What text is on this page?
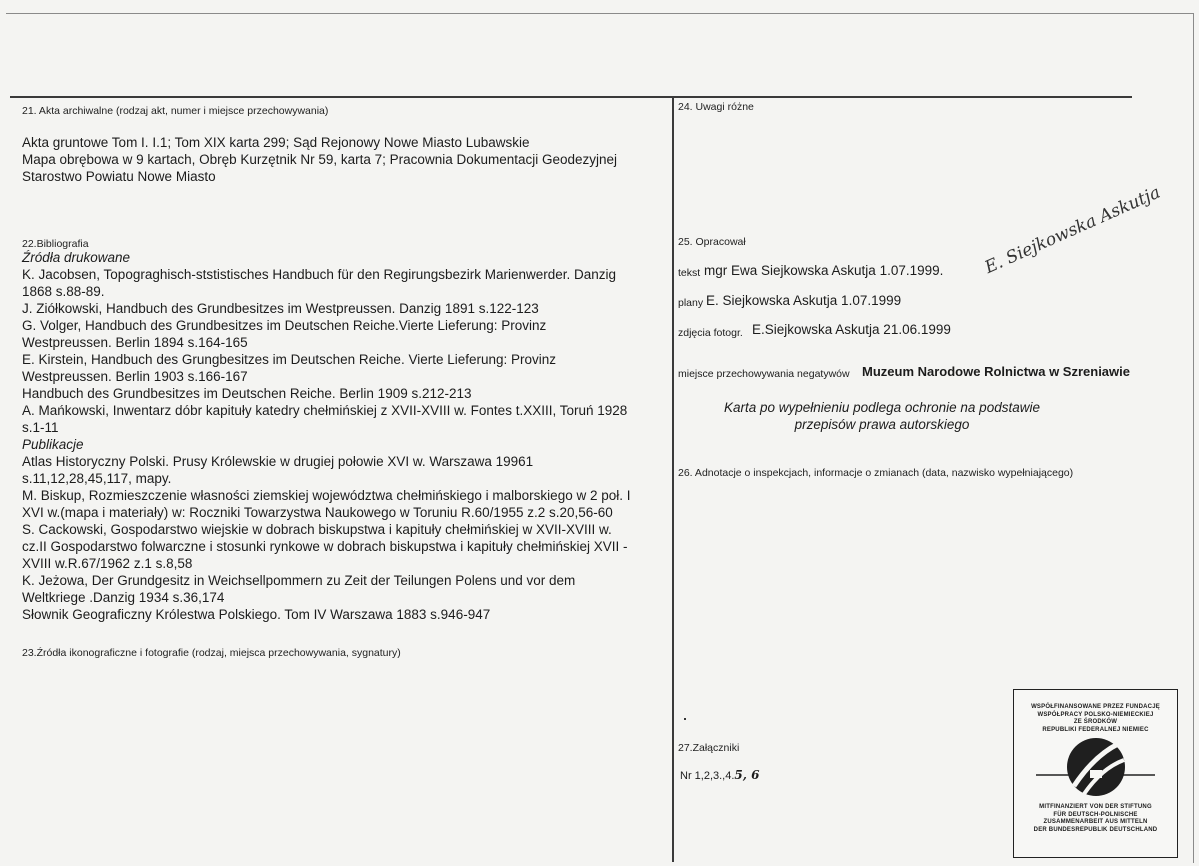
21. Akta archiwalne (rodzaj akt, numer i miejsce przechowywania)
Akta gruntowe Tom I. I.1; Tom XIX karta 299; Sąd Rejonowy Nowe Miasto Lubawskie
Mapa obrębowa w 9 kartach, Obręb Kurzętnik Nr 59, karta 7; Pracownia Dokumentacji Geodezyjnej
Starostwo Powiatu Nowe Miasto
22.Bibliografia
Źródła drukowane
K. Jacobsen, Topograghisch-ststistisches Handbuch für den Regirungsbezirk Marienwerder. Danzig
1868 s.88-89.
J. Ziółkowski, Handbuch des Grundbesitzes im Westpreussen. Danzig 1891 s.122-123
G. Volger, Handbuch des Grundbesitzes im Deutschen Reiche.Vierte Lieferung: Provinz
Westpreussen. Berlin 1894 s.164-165
E. Kirstein, Handbuch des Grungbesitzes im Deutschen Reiche. Vierte Lieferung: Provinz
Westpreussen. Berlin 1903 s.166-167
Handbuch des Grundbesitzes im Deutschen Reiche. Berlin 1909 s.212-213
A. Mańkowski, Inwentarz dóbr kapituły katedry chełmińskiej z XVII-XVIII w. Fontes t.XXIII, Toruń 1928
s.1-11
Publikacje
Atlas Historyczny Polski. Prusy Królewskie w drugiej połowie XVI w. Warszawa 19961
s.11,12,28,45,117, mapy.
M. Biskup, Rozmieszczenie własności ziemskiej województwa chełmińskiego i malborskiego w 2 poł. I
XVI w.(mapa i materiały) w: Roczniki Towarzystwa Naukowego w Toruniu R.60/1955 z.2 s.20,56-60
S. Cackowski, Gospodarstwo wiejskie w dobrach biskupstwa i kapituły chełmińskiej w XVII-XVIII w.
cz.II Gospodarstwo folwarczne i stosunki rynkowe w dobrach biskupstwa i kapituły chełmińskiej XVII -
XVIII w.R.67/1962 z.1 s.8,58
K. Jeżowa, Der Grundgesitz in Weichsellpommern zu Zeit der Teilungen Polens und vor dem
Weltkriege .Danzig 1934 s.36,174
Słownik Geograficzny Królestwa Polskiego. Tom IV Warszawa 1883 s.946-947
23.Źródła ikonograficzne i fotografie (rodzaj, miejsca przechowywania, sygnatury)
24. Uwagi różne
25. Opracował
tekst mgr Ewa Siejkowska Askutja 1.07.1999.
plany E. Siejkowska Askutja 1.07.1999
zdjęcia fotogr. E.Siejkowska Askutja 21.06.1999
miejsce przechowywania negatywów Muzeum Narodowe Rolnictwa w Szreniawie
Karta po wypełnieniu podlega ochronie na podstawie
przepisów prawa autorskiego
E. Siejkowska Askutja
26. Adnotacje o inspekcjach, informacje o zmianach (data, nazwisko wypełniającego)
27.Załączniki
Nr 1,2,3.,4.5, 6
WSPÓŁFINANSOWANE PRZEZ FUNDACJĘ
WSPÓŁPRACY POLSKO-NIEMIECKIEJ
ZE ŚRODKÓW
REPUBLIKI FEDERALNEJ NIEMIEC
MITFINANZIERT VON DER STIFTUNG
FÜR DEUTSCH-POLNISCHE
ZUSAMMENARBEIT AUS MITTELN
DER BUNDESREPUBLIK DEUTSCHLAND
